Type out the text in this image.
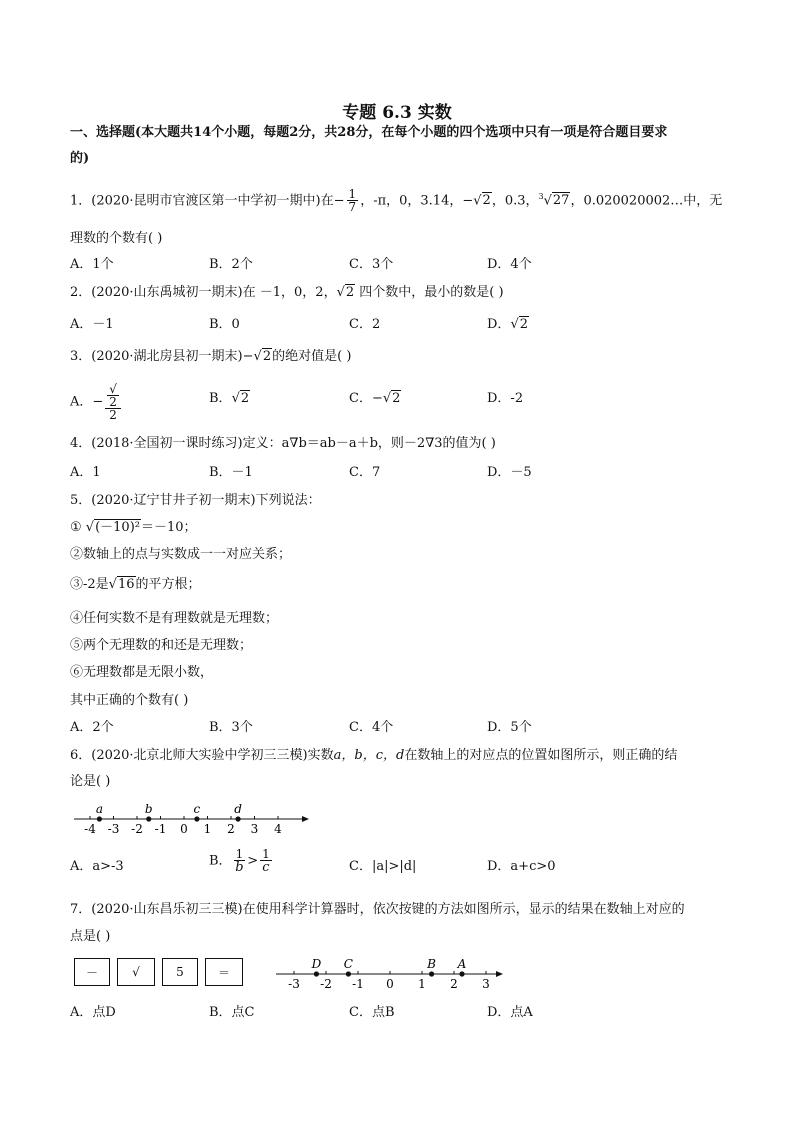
专题 6.3 实数
一、选择题(本大题共14个小题，每题2分，共28分，在每个小题的四个选项中只有一项是符合题目要求
的)
1．(2020·昆明市官渡区第一中学初一期中)在− $\frac{1}{7}$ ，-π，0，3.14，−√2，0.3，$^3$√27，0.020020002…中，无
理数的个数有( )
A．1个	B．2个	C．3个	D．4个
2．(2020·山东禹城初一期末)在 －1，0，2，√2 四个数中，最小的数是( )
A．－1	B．0	C．2	D．√2
3．(2020·湖北房县初一期末)−√2的绝对值是( )
A．− √
2
2	B．√2	C．−√2	D．-2
4．(2018·全国初一课时练习)定义：a∇b＝ab－a＋b，则－2∇3的值为( )
A．1	B．－1	C．7	D．－5
5．(2020·辽宁甘井子初一期末)下列说法：
① √(－10)²＝－10；
②数轴上的点与实数成一一对应关系；
③-2是√16的平方根；
④任何实数不是有理数就是无理数；
⑤两个无理数的和还是无理数；
⑥无理数都是无限小数，
其中正确的个数有( )
A．2个	B．3个	C．4个	D．5个
6．(2020·北京北师大实验中学初三三模)实数a，b，c，d在数轴上的对应点的位置如图所示，则正确的结
论是( )
-4 -3 -2 -1 0 1 2 3 4
a	b	c	d
A．a>-3	B． $\frac{1}{b} > \frac{1}{c}$	C．|a|>|d|	D．a+c>0
7．(2020·山东昌乐初三三模)在使用科学计算器时，依次按键的方法如图所示，显示的结果在数轴上对应的
点是( )
－	√	5	＝
-3 -2 -1 0 1 2 3
D C	B A
A．点D	B．点C	C．点B	D．点A
